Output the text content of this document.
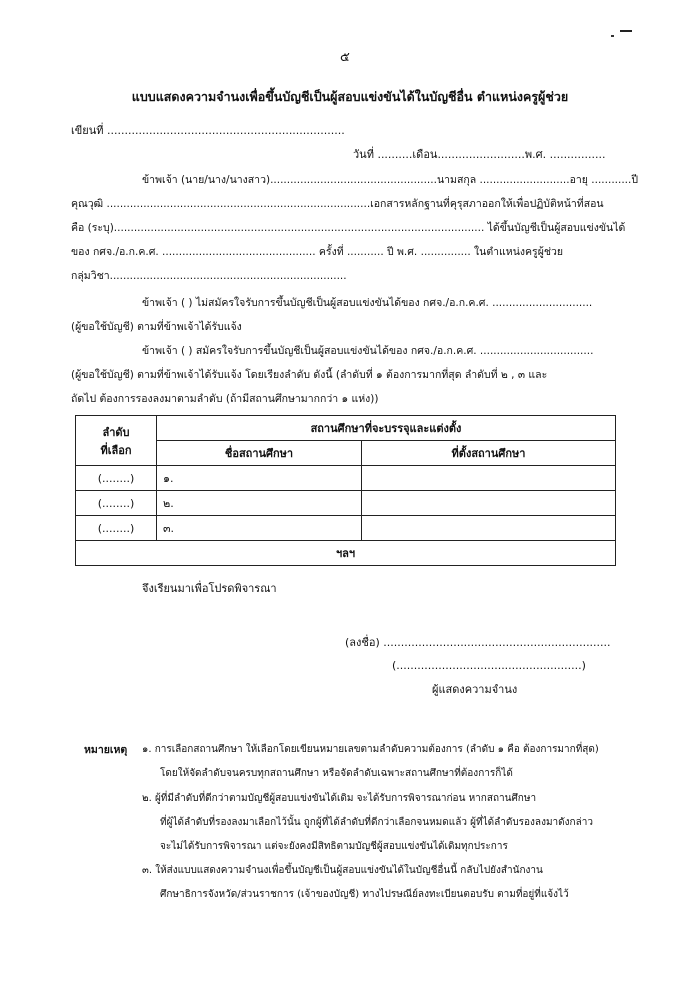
๕
แบบแสดงความจำนงเพื่อขึ้นบัญชีเป็นผู้สอบแข่งขันได้ในบัญชีอื่น ตำแหน่งครูผู้ช่วย
เขียนที่ ....................................................................
วันที่ ..........เดือน.........................พ.ศ. ................
ข้าพเจ้า (นาย/นาง/นางสาว)..................................................นามสกุล ...........................อายุ ............ปี
คุณวุฒิ ...............................................................................เอกสารหลักฐานที่คุรุสภาออกให้เพื่อปฏิบัติหน้าที่สอน
คือ (ระบุ)............................................................................................................... ได้ขึ้นบัญชีเป็นผู้สอบแข่งขันได้
ของ กศจ./อ.ก.ค.ศ. .............................................. ครั้งที่ ........... ปี พ.ศ. ............... ในตำแหน่งครูผู้ช่วย
กลุ่มวิชา.......................................................................
ข้าพเจ้า ( ) ไม่สมัครใจรับการขึ้นบัญชีเป็นผู้สอบแข่งขันได้ของ กศจ./อ.ก.ค.ศ. ..............................
(ผู้ขอใช้บัญชี) ตามที่ข้าพเจ้าได้รับแจ้ง
ข้าพเจ้า ( ) สมัครใจรับการขึ้นบัญชีเป็นผู้สอบแข่งขันได้ของ กศจ./อ.ก.ค.ศ. ..................................
(ผู้ขอใช้บัญชี) ตามที่ข้าพเจ้าได้รับแจ้ง โดยเรียงลำดับ ดังนี้ (ลำดับที่ ๑ ต้องการมากที่สุด ลำดับที่ ๒ , ๓ และ
ถัดไป ต้องการรองลงมาตามลำดับ (ถ้ามีสถานศึกษามากกว่า ๑ แห่ง))
ลำดับ
ที่เลือก	สถานศึกษาที่จะบรรจุและแต่งตั้ง	
	ชื่อสถานศึกษา	ที่ตั้งสถานศึกษา
(........)	๑.	
(........)	๒.	
(........)	๓.	
ฯลฯ		
จึงเรียนมาเพื่อโปรดพิจารณา
(ลงชื่อ) .................................................................
(.....................................................)
ผู้แสดงความจำนง
หมายเหตุ ๑. การเลือกสถานศึกษา ให้เลือกโดยเขียนหมายเลขตามลำดับความต้องการ (ลำดับ ๑ คือ ต้องการมากที่สุด)
โดยให้จัดลำดับจนครบทุกสถานศึกษา หรือจัดลำดับเฉพาะสถานศึกษาที่ต้องการก็ได้
๒. ผู้ที่มีลำดับที่ดีกว่าตามบัญชีผู้สอบแข่งขันได้เดิม จะได้รับการพิจารณาก่อน หากสถานศึกษา
ที่ผู้ได้ลำดับที่รองลงมาเลือกไว้นั้น ถูกผู้ที่ได้ลำดับที่ดีกว่าเลือกจนหมดแล้ว ผู้ที่ได้ลำดับรองลงมาดังกล่าว
จะไม่ได้รับการพิจารณา แต่จะยังคงมีสิทธิตามบัญชีผู้สอบแข่งขันได้เดิมทุกประการ
๓. ให้ส่งแบบแสดงความจำนงเพื่อขึ้นบัญชีเป็นผู้สอบแข่งขันได้ในบัญชีอื่นนี้ กลับไปยังสำนักงาน
ศึกษาธิการจังหวัด/ส่วนราชการ (เจ้าของบัญชี) ทางไปรษณีย์ลงทะเบียนตอบรับ ตามที่อยู่ที่แจ้งไว้
